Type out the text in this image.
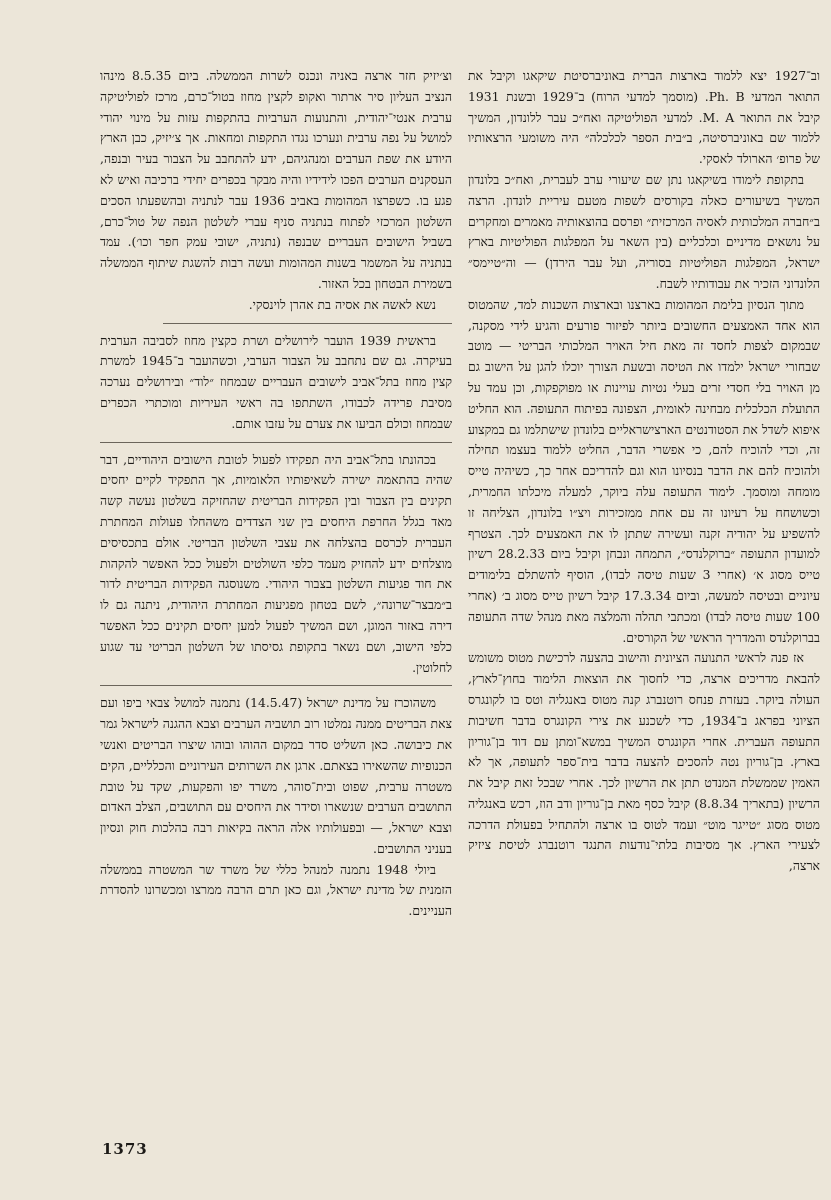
וב־1927 יצא ללמוד בארצות הברית באוניברסיטת שיקאגו וקיבל את התואר המדעי Ph. B. (מוסמך למדעי הרוח) ב־1929 ובשנת 1931 קיבל את התואר M. A. למדעי הפוליטיקה ואח״כ עבר ללונדון, המשיך ללמוד שם באוניברסיטה, ב״בית הספר לכלכלה״ היה משומעי הרצאותיו של פרופ׳ הארולד לאסקי.

בתקופת לימודו בשיקאגו נתן שם שיעורי ערב לעברית, ואח״כ בלונדון המשיך בשיעורים כאלה בקורסים לשפות מטעם עיריית לונדון. הרצה ב״חברה המלכותית לאסיה המרכזית״ ופרסם בהוצאותיה מאמרים ומחקרים על נושאים מדיניים וכלכליים (בין השאר על המפלגות הפוליטיות בארץ ישראל, המפלגות הפוליטיות בסוריה, ועל עבר הירדן) — וה״טיימס״ הלונדוני הזכיר את עבודותיו לשבח.

מתוך הנסיון בלימת המהומות בארצנו ובארצות השכנות למד, שהמטוס הוא אחד האמצעים החשובים ביותר לפיזור פורעים והגיע לידי מסקנה, שבמקום לצפות לחסד זה מאת חיל האויר המלכותי הבריטי — מוטב שבחורי ישראל ילמדו את הטיסה ובשעת הצורך יוכלו להגן על הישוב גם מן האויר בלי חסדי זרים בעלי נטיות עויינות או מפוקפקות, וכן עמד על התועלת הכלכלית מבחינה לאומית, הצפונה בפיתוח התעופה. הוא החליט איפוא לשדל את הסטודנטים הארצישראליים בלונדון שישתלמו גם במקצוע זה, וכדי להוכיח להם, כי אפשרי הדבר, החליט ללמוד בעצמו תחילה ולהוכיח להם את הדבר בנסיונו הוא וגם להדריכם אחר כך, כשיהיה טייס מומחה ומוסמך. לימוד התעופה עלה ביוקר, למעלה מיכלתו החמרית, וכשושחח על רעיונו זה עם אחת ממזכירות ויצ״ו בלונדון, הצליחה זו להשפיע על יהודיה זקנה ועשירה שתתן לו את האמצעים לכך. הצטרף למועדון התעופה ״ברוקלנדס״, התמחה ונבחן וקיבל ביום 28.2.33 רשיון טייס מסוג א׳ (אחרי 3 שעות טיסה לבדו), הוסיף להשתלם בלימודים עיוניים ובטיסה למעשה, וביום 17.3.34 קיבל רשיון טייס מסוג ב׳ (אחרי 100 שעות טיסה לבדו) ומכתבי תהלה והמלצה מאת מנהל שדה התעופה בברוקלנדס והמדריך הראשי של הקורסים.

אז פנה לראשי התנועה הציונית והישוב בהצעה לרכישת מטוס משומש להבאת מדריכים ארצה, כדי לחסוך את הוצאות הלימוד בחוץ־לארץ, העולה ביוקר. בעזרת פנחס רוטנברג קנה מטוס באנגליה וטס בו לקונגרס הציוני בפראג ב־1934, כדי לשכנע את צירי הקונגרס בדבר חשיבות התעופה העברית. אחרי הקונגרס המשיך במשא־ומתן עם דוד בן־גוריון בארץ. בן־גוריון נטה להסכים להצעה בדבר בית־ספר לתעופה, אך לא האמין שממשלת המנדט תתן את הרשיון לכך. אחרי שבכל זאת קיבל את הרשיון (בתאריך 8.8.34) קיבל כסף מאת בן־גוריון ודב הוז, רכש באנגליה מטוס מסוג ״טייגר מוט״ ועמד לטוס בו ארצה ולהתחיל בפעולת הדרכה לצעירי הארץ. אך מסיבות בלתי־נודעות התנגד רוטנברג לטיסת ציזיק ארצה,

וצ׳יזיק חזר ארצה באניה ונכנס לשרות הממשלה. ביום 8.5.35 מינהו הנציב העליון סיר ארתור ואקופ לקצין מחוז בטול־כרם, מרכז לפוליטיקה ערבית אנטי־יהודית, והתנועות הערביות בהתקפות עזות על מינוי יהודי למושל על נפה ערבית ונערכו נגדו התקפות ומחאות. אך צ׳יזיק, כבן הארץ היודע את שפת הערבים ומנהגיהם, ידע להתחבב על הצבור בעיר ובנפה, העסקנים הערבים הפכו לידידיו והיה מבקר בכפרים יחידי ברכיבה ואיש לא פגע בו. כשפרצו המהומות באביב 1936 עבר לנתניה ובהשפעתו הסכים השלטון המרכזי לפתוח בנתניה סניף עברי לשלטון הנפה של טול־כרם, בשביל הישובים העבריים שבנפה (נתניה, ישובי עמק חפר וכו׳). עמד בנתניה על המשמר בשנות המהומות ועשה רבות להשגת שיתוף הממשלה בשמירת הבטחון בכל האזור.

נשא לאשה את אסיה בת אהרן לוינסקי.

בראשית 1939 הועבר לירושלים ושרת כקצין מחוז לסביבה הערבית בעיקרה. גם שם נתחבב על הצבור הערבי, וכשהועבר ב־1945 למשרת קצין מחוז בתל־אביב לישובים העבריים שבמחוז ״לוד״ ובירושלים נערכה מסיבת פרידה לכבודו, השתתפו בה ראשי העיריות ומוכתרי הכפרים שבמחוז וכולם הביעו את צערם על עזבו אותם.

בכהונתו בתל־אביב היה תפקידו לפעול לטובת הישובים היהודיים, דבר שהיה בהתאמה ישירה לשאיפותיו הלאומיות, אך התפקיד לקיים יחסים תקינים בין הצבור ובין הפקידות הבריטית שהחזיקה בשלטון נעשה קשה מאד בגלל החרפת היחסים בין שני הצדדים משהחלו פעולות המחתרת העברית לכרסם בהצלחה את עצבי השלטון הבריטי. אולם בתכסיסים מוצלחים ידע להחזיק מעמד כלפי השולטים ולפעול ככל האפשר להקהות את חוד פגיעות השלטון בצבור היהודי. משנוסגה הפקידות הבריטית לדור ב״מבצר־שרונה״, לשם בטחון מפגיעות המחתרת היהודית, ניתנה גם לו דירה באזור המוגן, ושם המשיך לפעול למען יחסים תקינים ככל האפשר כלפי הישוב, ושם נשאר בתקופת גסיסתו של השלטון הבריטי עד שגוע לחלוטין.

משהוכרז על מדינת ישראל (14.5.47) נתמנה למושל צבאי ביפו ועם צאת הבריטים ממנה נמלטו רוב תושביה הערבים וצבא ההגנה לישראל גמר את כיבושה. כאן השליט סדר במקום ההוהו ובוהו שיצרו הבריטים ואנשי הכנופיות שהשאירו בצאתם. ארגן את השרותים העירוניים והכלליים, הקים משטרה ערבית, שפוט ובית־סוהר, משרד יפו והפקעות, שקד על טובת התושבים הערבים שנשארו וסידר את היחסים עם התושבים, הצלב האדום וצבא ישראל, — ובפעולותיו אלה הראה בקיאות רבה בהלכות חוק ונסיון בעניני התושבים.

ביולי 1948 נתמנה למנהל כללי של משרד שר המשטרה בממשלה הזמנית של מדינת ישראל, וגם כאן תרם הרבה ממרצו ומכשרונו להסדרת העניינים.

1373
